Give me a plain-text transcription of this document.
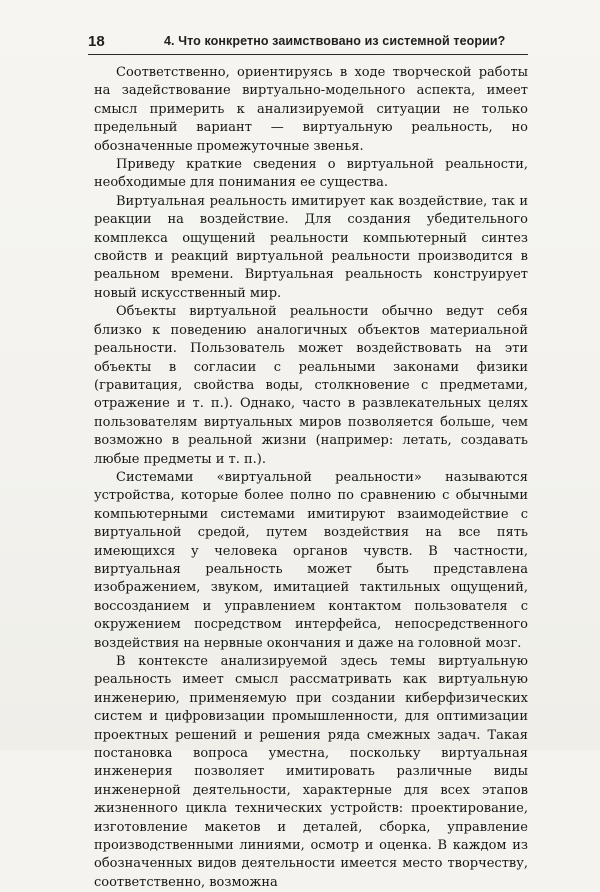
18	4. Что конкретно заимствовано из системной теории?

Соответственно, ориентируясь в ходе творческой работы на задействование виртуально-модельного аспекта, имеет смысл примерить к анализируемой ситуации не только предельный вариант — виртуальную реальность, но обозначенные промежуточные звенья.

Приведу краткие сведения о виртуальной реальности, необходимые для понимания ее существа.

Виртуальная реальность имитирует как воздействие, так и реакции на воздействие. Для создания убедительного комплекса ощущений реальности компьютерный синтез свойств и реакций виртуальной реальности производится в реальном времени. Виртуальная реальность конструирует новый искусственный мир.

Объекты виртуальной реальности обычно ведут себя близко к поведению аналогичных объектов материальной реальности. Пользователь может воздействовать на эти объекты в согласии с реальными законами физики (гравитация, свойства воды, столкновение с предметами, отражение и т. п.). Однако, часто в развлекательных целях пользователям виртуальных миров позволяется больше, чем возможно в реальной жизни (например: летать, создавать любые предметы и т. п.).

Системами «виртуальной реальности» называются устройства, которые более полно по сравнению с обычными компьютерными системами имитируют взаимодействие с виртуальной средой, путем воздействия на все пять имеющихся у человека органов чувств. В частности, виртуальная реальность может быть представлена изображением, звуком, имитацией тактильных ощущений, воссозданием и управлением контактом пользователя с окружением посредством интерфейса, непосредственного воздействия на нервные окончания и даже на головной мозг.

В контексте анализируемой здесь темы виртуальную реальность имеет смысл рассматривать как виртуальную инженерию, применяемую при создании киберфизических систем и цифровизации промышленности, для оптимизации проектных решений и решения ряда смежных задач. Такая постановка вопроса уместна, поскольку виртуальная инженерия позволяет имитировать различные виды инженерной деятельности, характерные для всех этапов жизненного цикла технических устройств: проектирование, изготовление макетов и деталей, сборка, управление производственными линиями, осмотр и оценка. В каждом из обозначенных видов деятельности имеется место творчеству, соответственно, возможна
